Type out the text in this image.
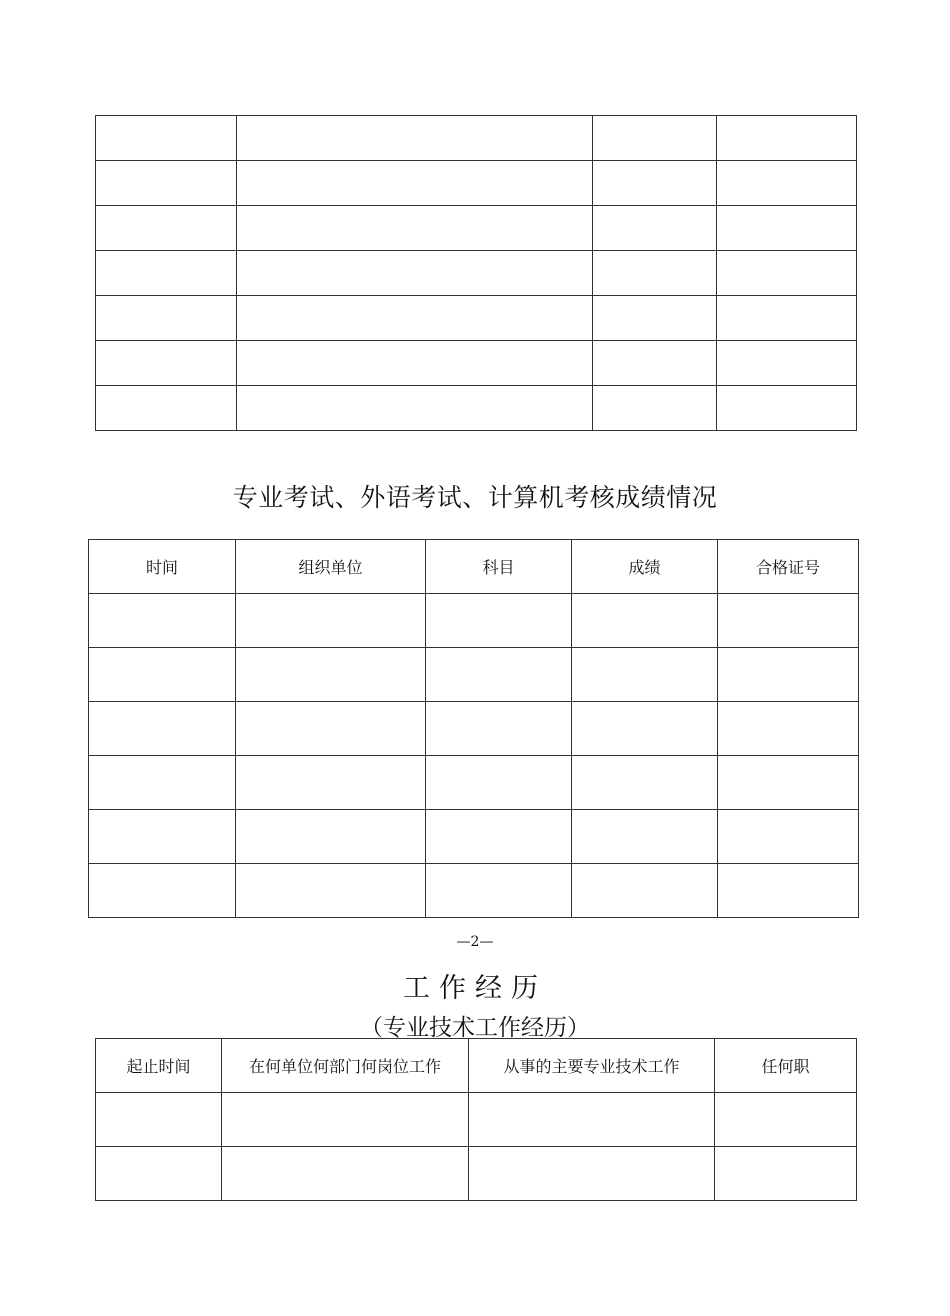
专业考试、外语考试、计算机考核成绩情况
时间	组织单位	科目	成绩	合格证号

—2—
工作经历
（专业技术工作经历）
起止时间	在何单位何部门何岗位工作	从事的主要专业技术工作	任何职
